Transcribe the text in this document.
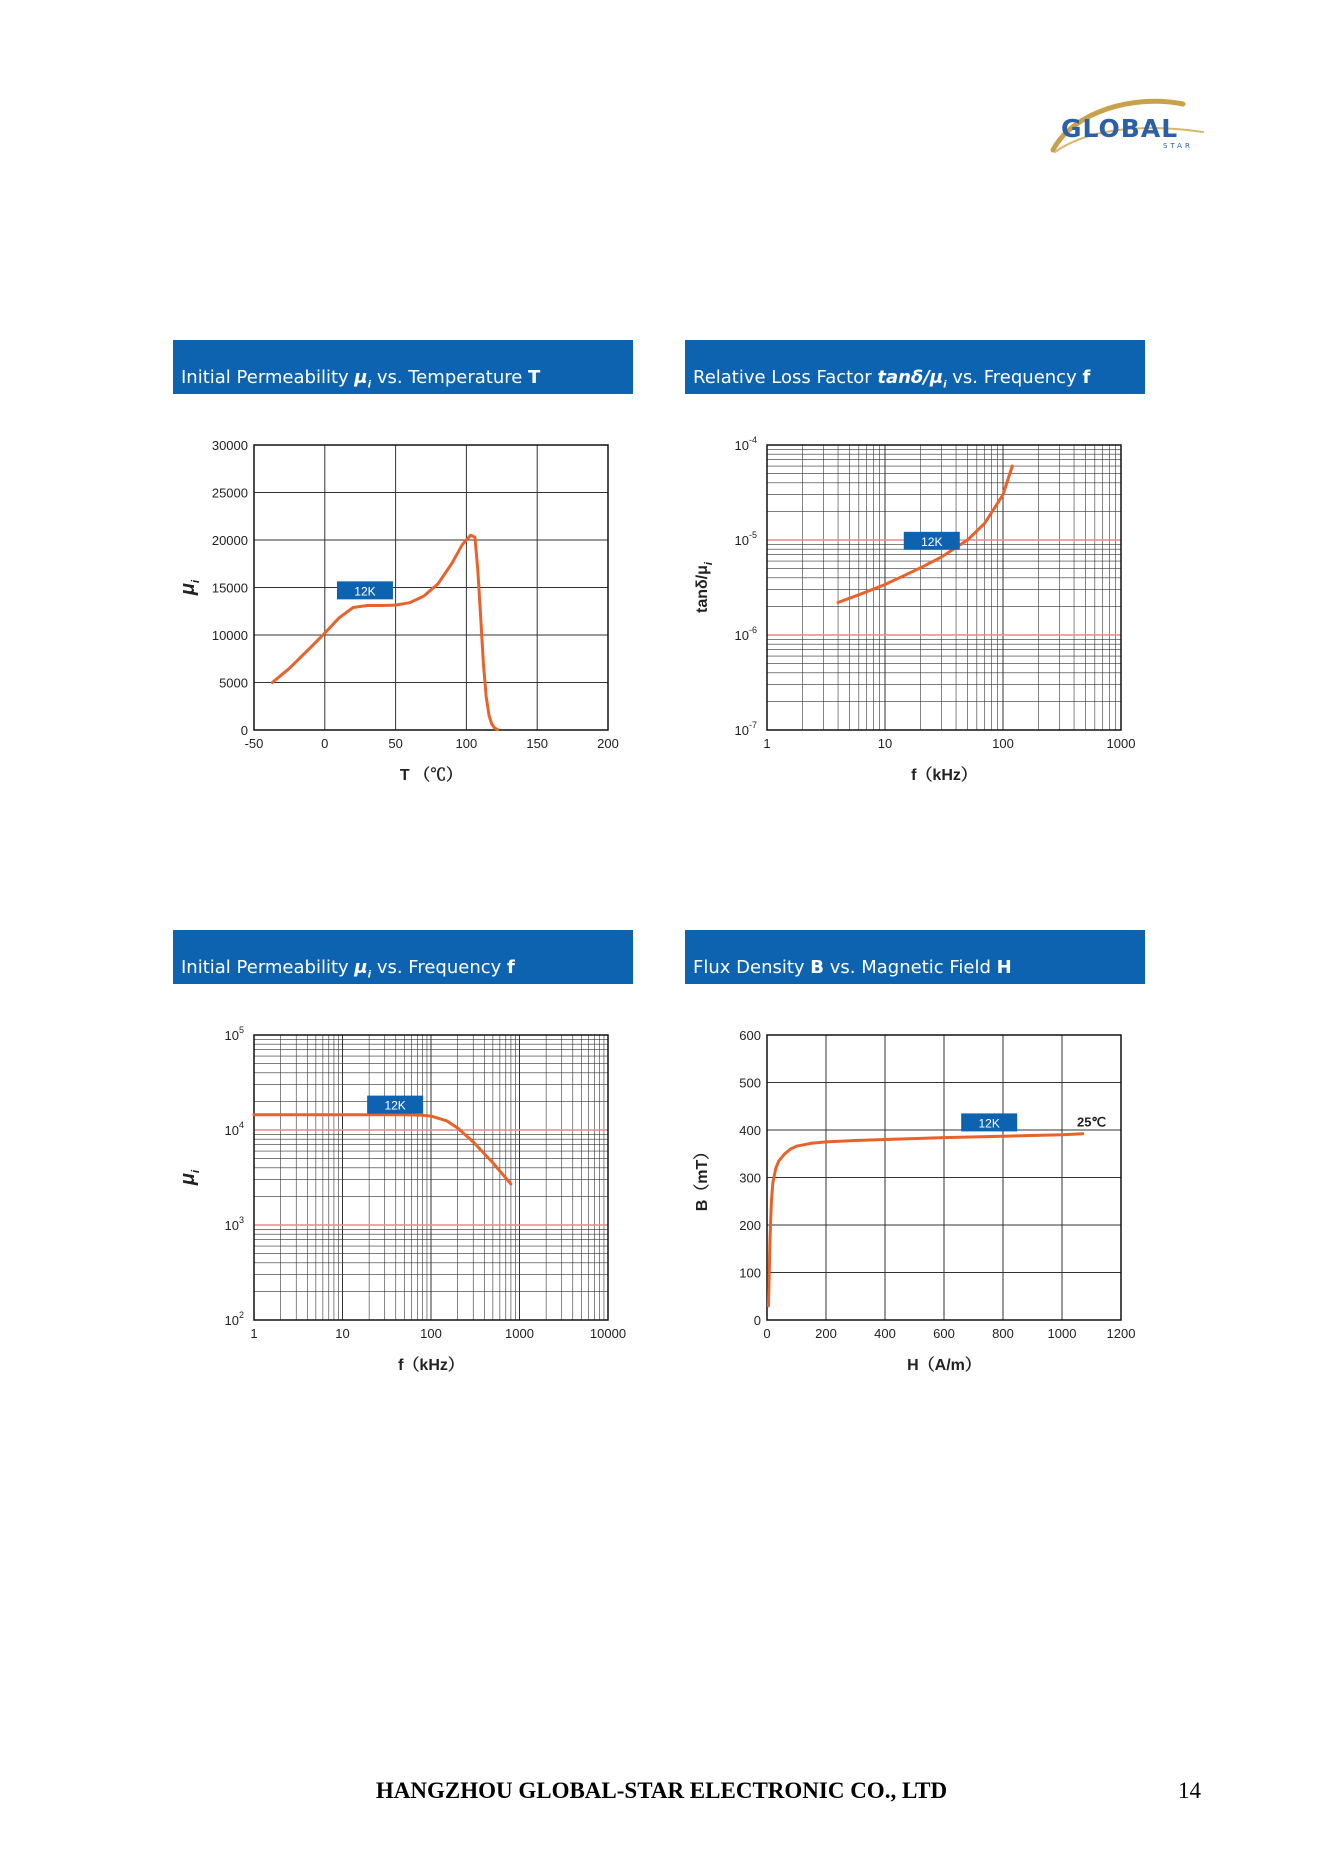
GLOBAL
STAR
Initial Permeability $\mu_i$ vs. Temperature T	Relative Loss Factor tanδ/$\mu_i$ vs. Frequency f
Initial Permeability $\mu_i$ vs. Frequency f	Flux Density B vs. Magnetic Field H
-50	0	50	100	150	200
0
5000
10000
15000
20000
25000
30000
T （℃）
$\mu_i$
12K
1	10	100	1000
$10^{-7}$
$10^{-6}$
$10^{-5}$
$10^{-4}$
f（kHz）
tanδ/$\mu_i$
12K
1	10	100	1000	10000
$10^2$
$10^3$
$10^4$
$10^5$
f（kHz）
$\mu_i$
12K
0	200	400	600	800	1000 1200
0
100
200
300
400
500
600
H（A/m）
B（mT）
12K	25℃
HANGZHOU GLOBAL-STAR ELECTRONIC CO., LTD	14
